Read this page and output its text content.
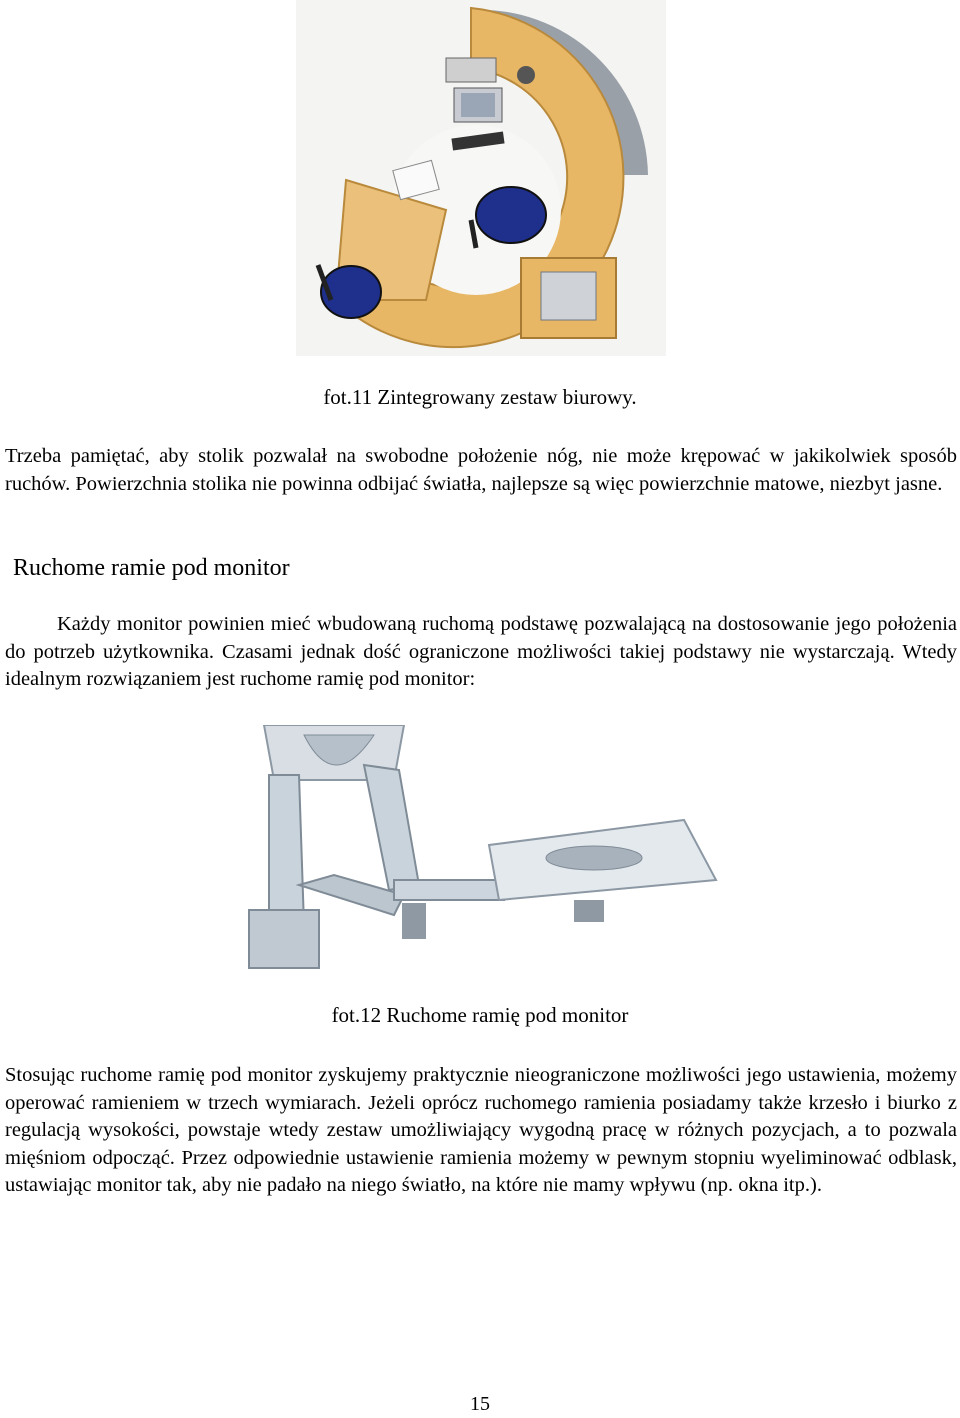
fot.11 Zintegrowany zestaw biurowy.
Trzeba pamiętać, aby stolik pozwalał na swobodne położenie nóg, nie może krępować w jakikolwiek sposób ruchów. Powierzchnia stolika nie powinna odbijać światła, najlepsze są więc powierzchnie matowe, niezbyt jasne.
Ruchome ramie pod monitor
Każdy monitor powinien mieć wbudowaną ruchomą podstawę pozwalającą na dostosowanie jego położenia do potrzeb użytkownika. Czasami jednak dość ograniczone możliwości takiej podstawy nie wystarczają. Wtedy idealnym rozwiązaniem jest ruchome ramię pod monitor:
fot.12 Ruchome ramię pod monitor
Stosując ruchome ramię pod monitor zyskujemy praktycznie nieograniczone możliwości jego ustawienia, możemy operować ramieniem w trzech wymiarach. Jeżeli oprócz ruchomego ramienia posiadamy także krzesło i biurko z regulacją wysokości, powstaje wtedy zestaw umożliwiający wygodną pracę w różnych pozycjach, a to pozwala mięśniom odpocząć. Przez odpowiednie ustawienie ramienia możemy w pewnym stopniu wyeliminować odblask, ustawiając monitor tak, aby nie padało na niego światło, na które nie mamy wpływu (np. okna itp.).
15
